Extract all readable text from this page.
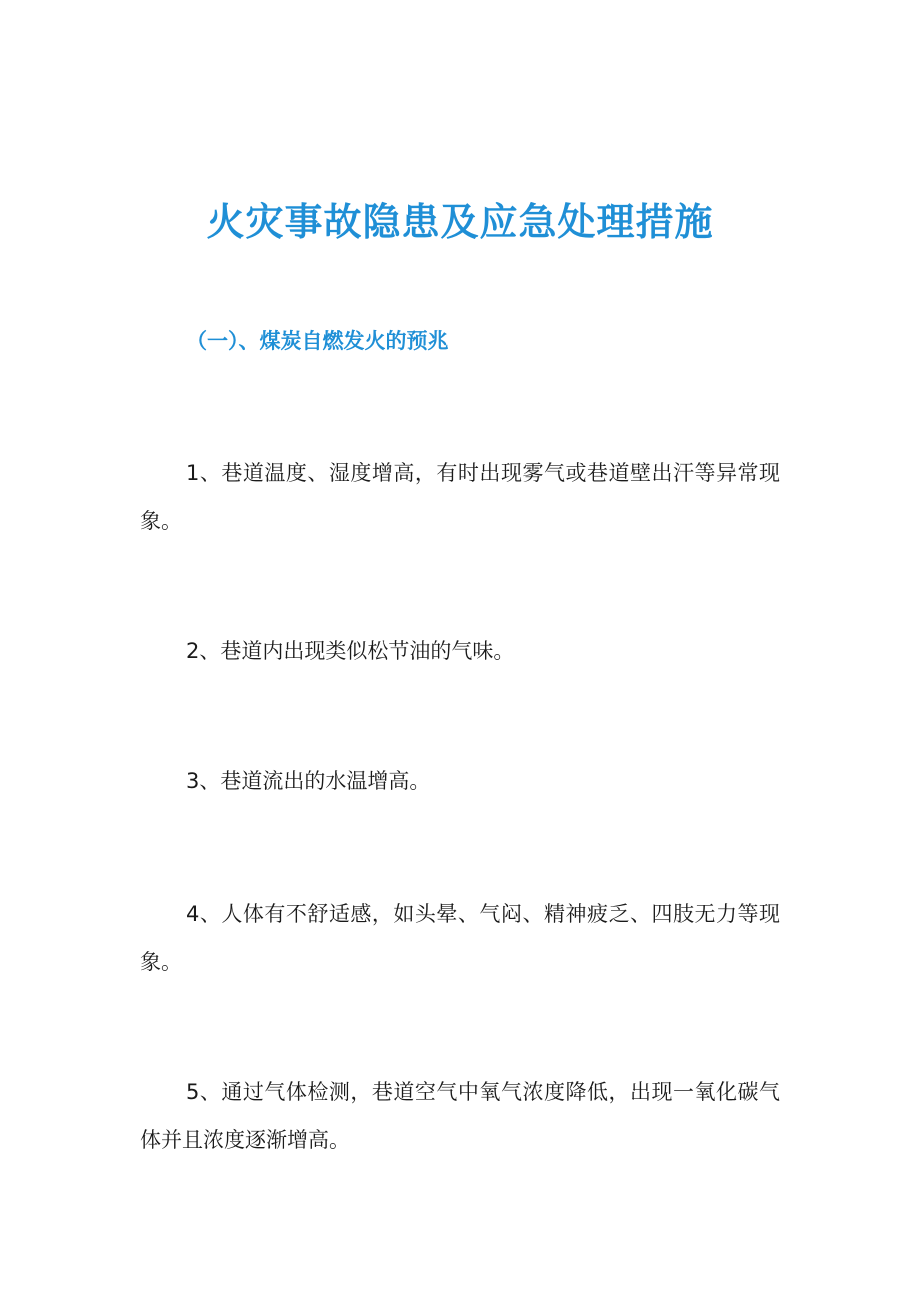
火灾事故隐患及应急处理措施
（一）、煤炭自燃发火的预兆
1、巷道温度、湿度增高，有时出现雾气或巷道壁出汗等异常现象。
2、巷道内出现类似松节油的气味。
3、巷道流出的水温增高。
4、人体有不舒适感，如头晕、气闷、精神疲乏、四肢无力等现象。
5、通过气体检测，巷道空气中氧气浓度降低，出现一氧化碳气体并且浓度逐渐增高。
